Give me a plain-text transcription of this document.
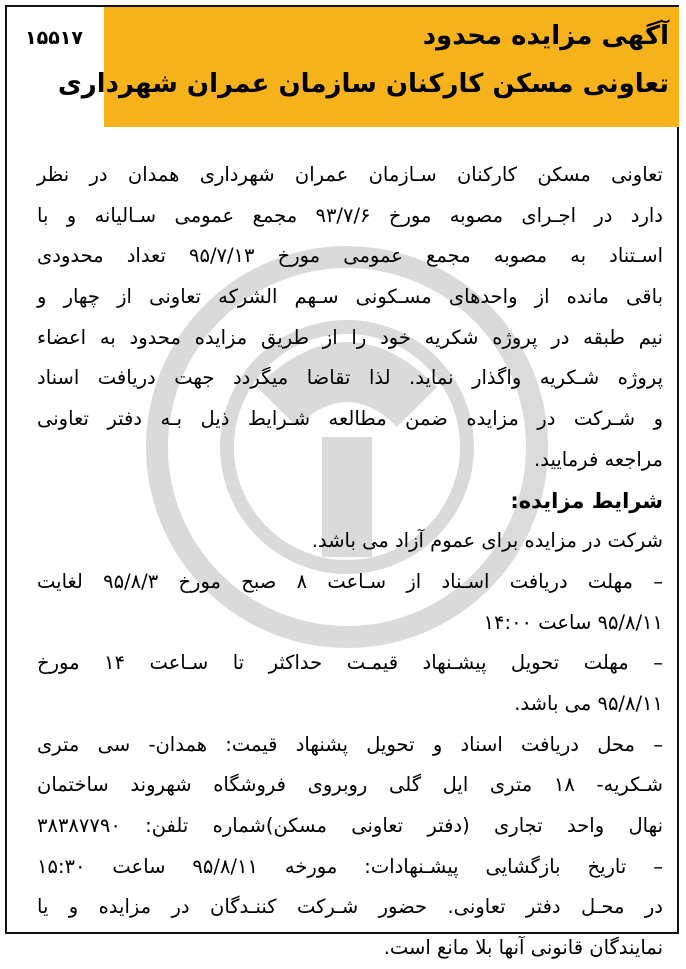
۱۵۵۱۷	آگهی مزایده محدود
تعاونی مسکن کارکنان سازمان عمران شهرداری
تعاونی مسکن کارکنان سـازمان عمران شهرداری همدان در نظر
دارد در اجـرای مصوبه مورخ ۹۳/۷/۶ مجمع عمومی سـالیانه و با
اسـتناد به مصوبه مجمع عمومی مورخ ۹۵/۷/۱۳ تعداد محدودی
باقی مانده از واحدهای مسـکونی سـهم الشرکه تعاونی از چهار و
نیم طبقه در پروژه شکریه خود را از طریق مزایده محدود به اعضاء
پروژه شـکریه واگذار نماید. لذا تقاضا میگردد جهت دریافت اسناد
و شـرکت در مزایده ضمن مطالعه شـرایط ذیل بـه دفتر تعاونی
مراجعه فرمایید.
شرایط مزایده:
شرکت در مزایده برای عموم آزاد می باشد.
– مهلت دریافت اسـناد از سـاعت ۸ صبح مورخ ۹۵/۸/۳ لغایت
۹۵/۸/۱۱ ساعت ۱۴:۰۰
– مهلت تحویل پیشـنهاد قیمـت حداکثر تا سـاعت ۱۴ مورخ
۹۵/۸/۱۱ می باشد.
– محل دریافت اسناد و تحویل پشنهاد قیمت: همدان- سی متری
شـکریه- ۱۸ متری ایل گلی روبروی فروشگاه شهروند ساختمان
نهال واحد تجاری (دفتر تعاونی مسکن)شماره تلفن: ۳۸۳۸۷۷۹۰
– تاریخ بازگشایی پیشـنهادات: مورخه ۹۵/۸/۱۱ ساعت ۱۵:۳۰
در محـل دفتر تعاونی. حضور شـرکت کننـدگان در مزایده و یا
نمایندگان قانونی آنها بلا مانع است.
